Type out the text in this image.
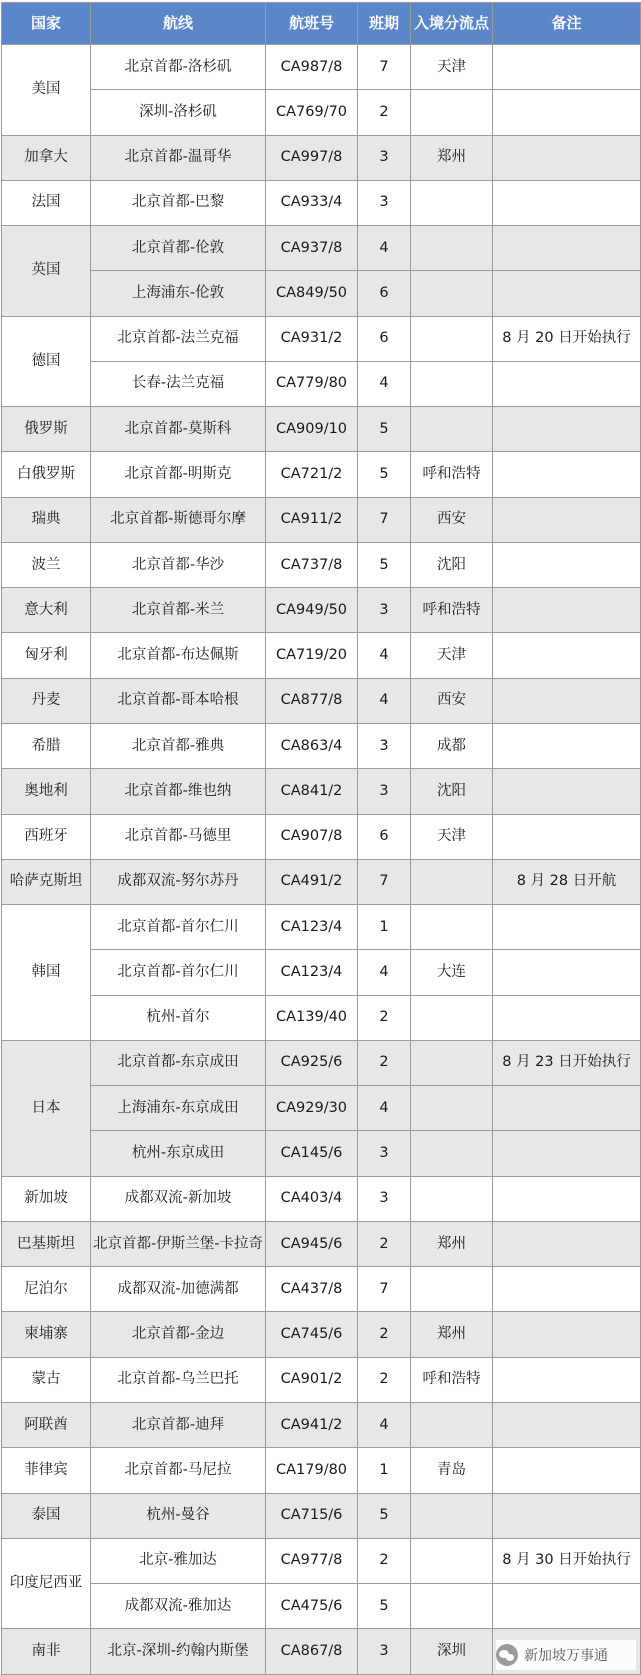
国家	航线	航班号	班期	入境分流点	备注
美国	北京首都-洛杉矶	CA987/8	7	天津	
	深圳-洛杉矶	CA769/70	2		
加拿大	北京首都-温哥华	CA997/8	3	郑州	
法国	北京首都-巴黎	CA933/4	3		
英国	北京首都-伦敦	CA937/8	4		
	上海浦东-伦敦	CA849/50	6		
德国	北京首都-法兰克福	CA931/2	6		8 月 20 日开始执行
	长春-法兰克福	CA779/80	4		
俄罗斯	北京首都-莫斯科	CA909/10	5		
白俄罗斯	北京首都-明斯克	CA721/2	5	呼和浩特	
瑞典	北京首都-斯德哥尔摩	CA911/2	7	西安	
波兰	北京首都-华沙	CA737/8	5	沈阳	
意大利	北京首都-米兰	CA949/50	3	呼和浩特	
匈牙利	北京首都-布达佩斯	CA719/20	4	天津	
丹麦	北京首都-哥本哈根	CA877/8	4	西安	
希腊	北京首都-雅典	CA863/4	3	成都	
奥地利	北京首都-维也纳	CA841/2	3	沈阳	
西班牙	北京首都-马德里	CA907/8	6	天津	
哈萨克斯坦	成都双流-努尔苏丹	CA491/2	7		8 月 28 日开航
韩国	北京首都-首尔仁川	CA123/4	1		
	北京首都-首尔仁川	CA123/4	4	大连	
	杭州-首尔	CA139/40	2		
日本	北京首都-东京成田	CA925/6	2		8 月 23 日开始执行
	上海浦东-东京成田	CA929/30	4		
	杭州-东京成田	CA145/6	3		
新加坡	成都双流-新加坡	CA403/4	3		
巴基斯坦	北京首都-伊斯兰堡-卡拉奇	CA945/6	2	郑州	
尼泊尔	成都双流-加德满都	CA437/8	7		
柬埔寨	北京首都-金边	CA745/6	2	郑州	
蒙古	北京首都-乌兰巴托	CA901/2	2	呼和浩特	
阿联酋	北京首都-迪拜	CA941/2	4		
菲律宾	北京首都-马尼拉	CA179/80	1	青岛	
泰国	杭州-曼谷	CA715/6	5		
印度尼西亚	北京-雅加达	CA977/8	2		8 月 30 日开始执行
	成都双流-雅加达	CA475/6	5		
南非	北京-深圳-约翰内斯堡	CA867/8	3	深圳		新加坡万事通
